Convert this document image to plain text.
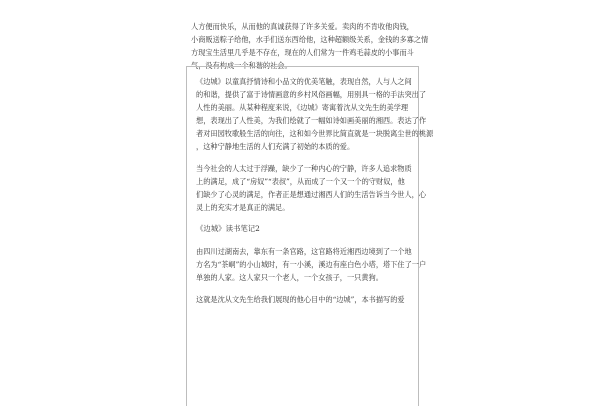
人方便而快乐，从而他的真诚获得了许多关爱。卖肉的不肯收他肉钱，
小商贩送粽子给他，水手们送东西给他，这种超额级关系，金钱的多寡之情
方现宝生活里几乎是不存在，现在的人们常为一件鸡毛蒜皮的小事而斗
气，没有构成一个和谐的社会。
《边城》以童真抒情诗和小品文的优美笔触，表现自然，人与人之间
的和谐，提供了富于诗情画意的乡村风俗画幅，用别具一格的手法突出了
人性的美丽。从某种程度来说，《边城》寄寓着沈从文先生的美学理
想，表现出了人性美，为我们绘就了一幅如诗如画美丽的湘西。表达了作
者对田园牧歌般生活的向往，这和如今世界比简直就是一块脱离尘世的桃源
，这种宁静地生活的人们充满了初始的本质的爱。
当今社会的人太过于浮躁，缺少了一种内心的宁静，许多人追求物质
上的满足，成了“房奴”“表叔”，从而成了一个又一个的守财奴，他
们缺少了心灵的满足，作者正是想通过湘西人们的生活告诉当今世人，心
灵上的充实才是真正的满足。
《边城》读书笔记2
由四川过湖南去，靠东有一条官路，这官路将近湘西边境到了一个地
方名为“茶峒”的小山城时，有一小溪，溪边有座白色小塔，塔下住了一户
单独的人家。这人家只一个老人，一个女孩子，一只黄狗。
这就是沈从文先生给我们展现的他心目中的“边城”，本书描写的爱
